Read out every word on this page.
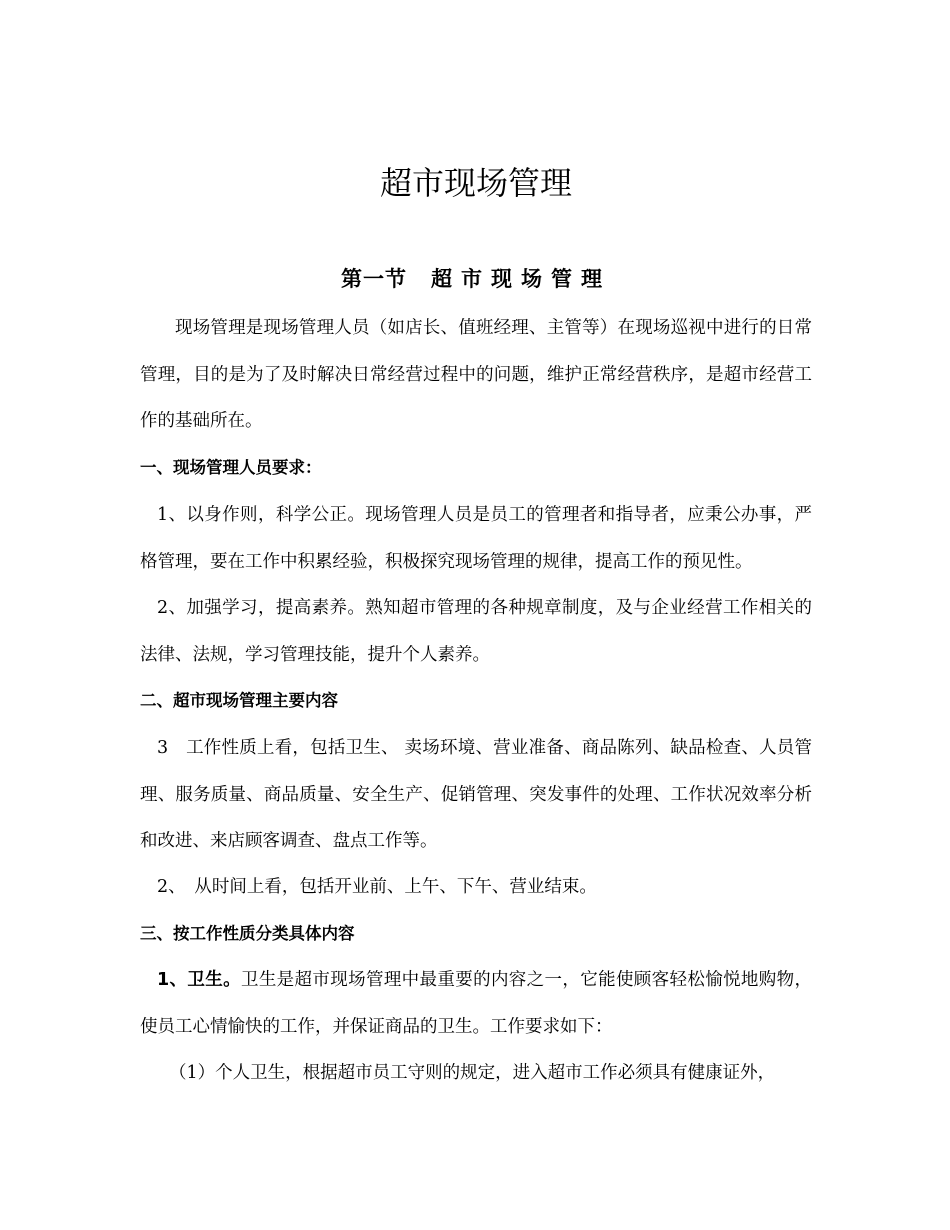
超市现场管理
第一节 超市现场管理

现场管理是现场管理人员（如店长、值班经理、主管等）在现场巡视中进行的日常管理，目的是为了及时解决日常经营过程中的问题，维护正常经营秩序，是超市经营工作的基础所在。

一、现场管理人员要求：

1、以身作则，科学公正。现场管理人员是员工的管理者和指导者，应秉公办事，严格管理，要在工作中积累经验，积极探究现场管理的规律，提高工作的预见性。

2、加强学习，提高素养。熟知超市管理的各种规章制度，及与企业经营工作相关的法律、法规，学习管理技能，提升个人素养。

二、超市现场管理主要内容

3　工作性质上看，包括卫生、 卖场环境、营业准备、商品陈列、缺品检查、人员管理、服务质量、商品质量、安全生产、促销管理、突发事件的处理、工作状况效率分析和改进、来店顾客调查、盘点工作等。

2、　从时间上看，包括开业前、上午、下午、营业结束。

三、按工作性质分类具体内容

1、卫生。卫生是超市现场管理中最重要的内容之一，它能使顾客轻松愉悦地购物，使员工心情愉快的工作，并保证商品的卫生。工作要求如下：

（1）个人卫生，根据超市员工守则的规定，进入超市工作必须具有健康证外，
